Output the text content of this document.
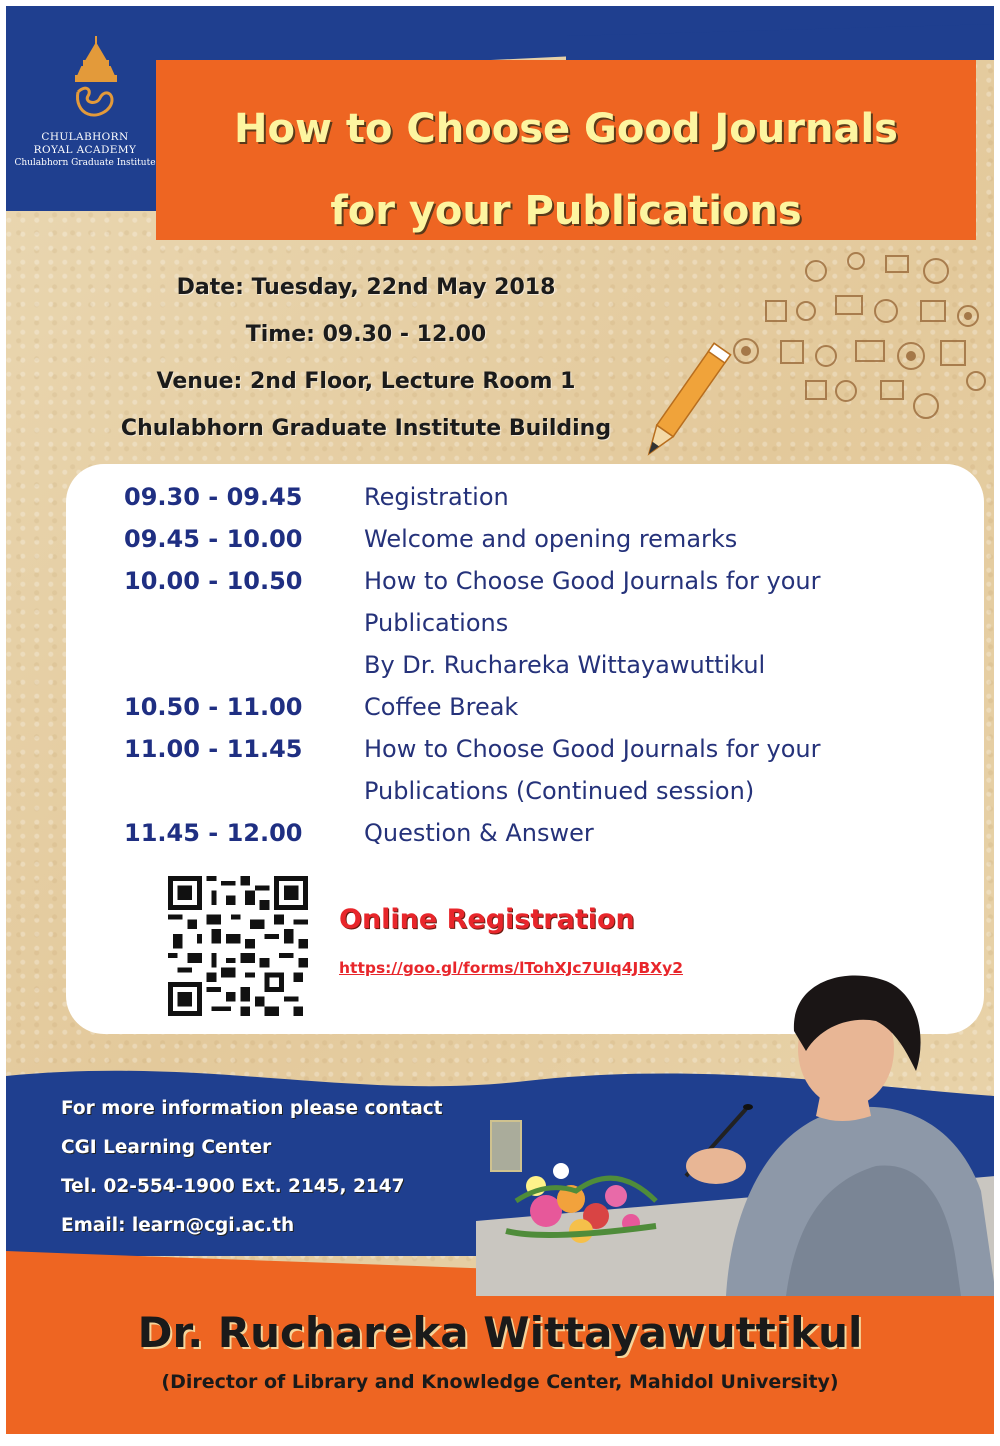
CHULABHORN
ROYAL ACADEMY
Chulabhorn Graduate Institute
How to Choose Good Journals
for your Publications
Date: Tuesday, 22nd May 2018
Time: 09.30 - 12.00
Venue: 2nd Floor, Lecture Room 1
Chulabhorn Graduate Institute Building
09.30 - 09.45	Registration
09.45 - 10.00	Welcome and opening remarks
10.00 - 10.50	How to Choose Good Journals for your
Publications
By Dr. Ruchareka Wittayawuttikul
10.50 - 11.00	Coffee Break
11.00 - 11.45	How to Choose Good Journals for your
Publications (Continued session)
11.45 - 12.00	Question & Answer
Online Registration
https://goo.gl/forms/lTohXJc7UIq4JBXy2
For more information please contact
CGI Learning Center
Tel. 02-554-1900 Ext. 2145, 2147
Email: learn@cgi.ac.th
Dr. Ruchareka Wittayawuttikul
(Director of Library and Knowledge Center, Mahidol University)
